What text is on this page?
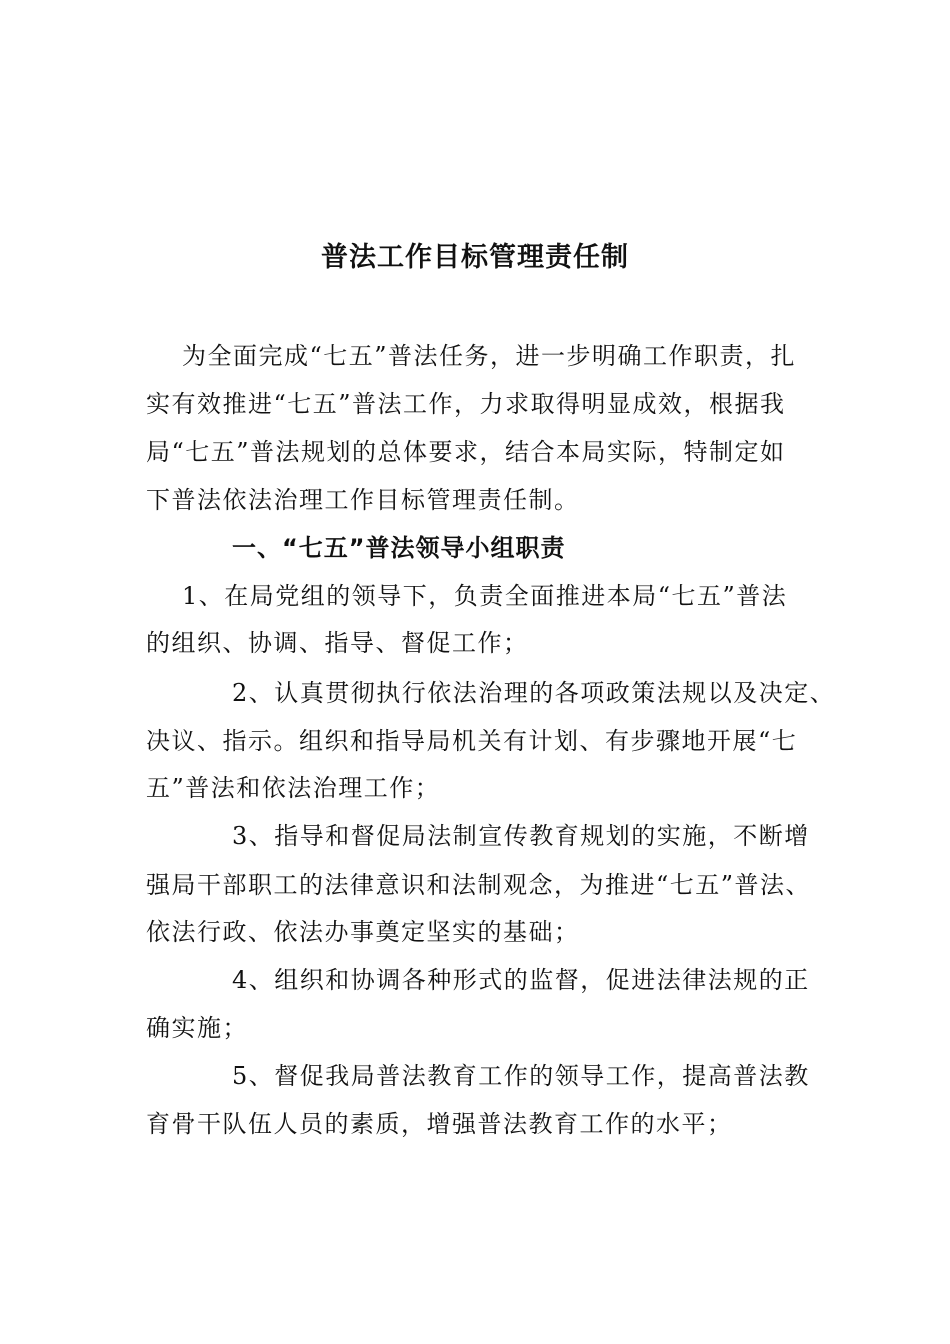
普法工作目标管理责任制
为全面完成“七五”普法任务，进一步明确工作职责，扎
实有效推进“七五”普法工作，力求取得明显成效，根据我
局“七五”普法规划的总体要求，结合本局实际，特制定如
下普法依法治理工作目标管理责任制。
一、“七五”普法领导小组职责
1、在局党组的领导下，负责全面推进本局“七五”普法
的组织、协调、指导、督促工作；
2、认真贯彻执行依法治理的各项政策法规以及决定、
决议、指示。组织和指导局机关有计划、有步骤地开展“七
五”普法和依法治理工作；
3、指导和督促局法制宣传教育规划的实施，不断增
强局干部职工的法律意识和法制观念，为推进“七五”普法、
依法行政、依法办事奠定坚实的基础；
4、组织和协调各种形式的监督，促进法律法规的正
确实施；
5、督促我局普法教育工作的领导工作，提高普法教
育骨干队伍人员的素质，增强普法教育工作的水平；
